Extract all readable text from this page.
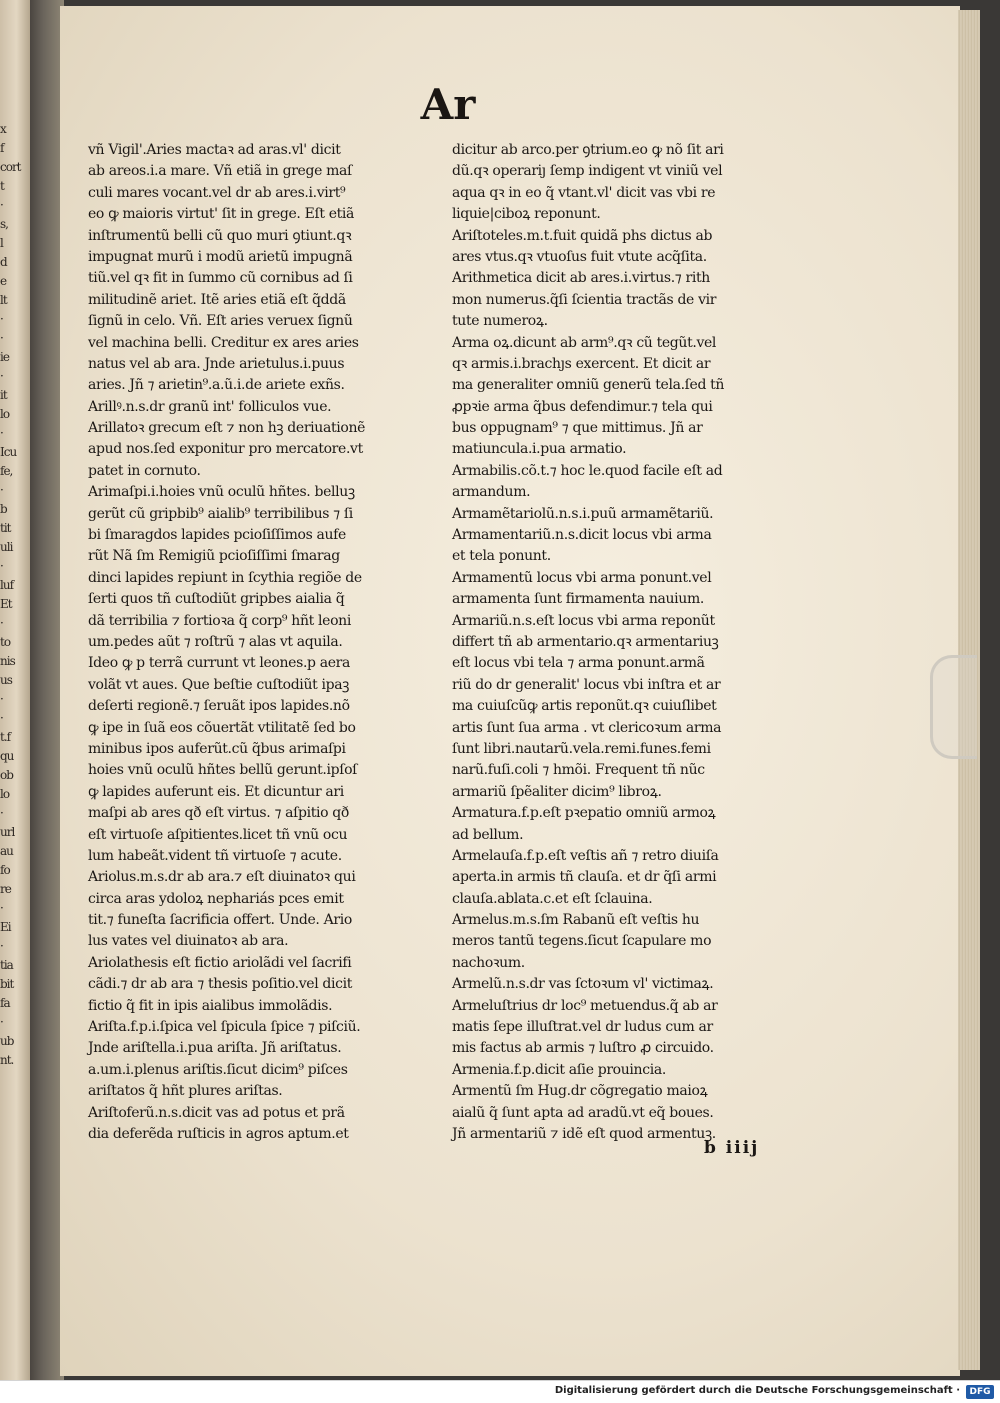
x
f
cort
t
·
s,
l
d
e
lt
·
·
ie
·
it
lo
·
Icu
fe,
·
b
tit
uli
·
luf
Et
·
to
nis
us
·
·
t.f
qu
ob
lo
·
url
au
fo
re
·
Ei
·
tia
bit
fa
·
ub
nt.
Ar
vñ Vigil'.Aries mactaꝛ ad aras.vl' dicit
ab areos.i.a mare. Vñ etiã in grege maſ
culi mares vocant.vel dr ab ares.i.virt⁹
eo ꝙ maioris virtut' ſit in grege. Eſt etiã
inſtrumentũ belli cũ quo muri ꝯtiunt.qꝛ
impugnat murũ i modũ arietũ impugnã
tiũ.vel qꝛ fit in ſummo cũ cornibus ad ſi
militudinẽ ariet. Itẽ aries etiã eſt q̃ddã
ſignũ in celo. Vñ. Eſt aries veruex ſignũ
vel machina belli. Creditur ex ares aries
natus vel ab ara. Jnde arietulus.i.puus
aries. Jñ ⁊ arietin⁹.a.ũ.i.de ariete exñs.
Arillꝰ.n.s.dr granũ int' folliculos vue.
Arillatoꝛ grecum eſt ⁊ non hꝫ deriuationẽ
apud nos.ſed exponitur pro mercatore.vt
patet in cornuto.
Arimaſpi.i.hoies vnũ oculũ hñtes. belluꝫ
gerũt cũ gripbib⁹ aialib⁹ terribilibus ⁊ ſi
bi ſmaragdos lapides pcioſiſſimos aufe
rũt Nã ſm Remigiũ pcioſiſſimi ſmarag
dinci lapides repiunt in ſcythia regiõe de
ſerti quos tñ cuſtodiũt gripbes aialia q̃
dã terribilia ⁊ fortioꝛa q̃ corp⁹ hñt leoni
um.pedes aũt ⁊ roſtrũ ⁊ alas vt aquila.
Ideo ꝙ p terrã currunt vt leones.p aera
volãt vt aues. Que beſtie cuſtodiũt ipaꝫ
deſerti regionẽ.⁊ ſeruãt ipos lapides.nõ
ꝙ ipe in ſuã eos cõuertãt vtilitatẽ ſed bo
minibus ipos auferũt.cũ q̃bus arimaſpi
hoies vnũ oculũ hñtes bellũ gerunt.ipſoſ
ꝙ lapides auferunt eis. Et dicuntur ari
maſpi ab ares qð eſt virtus. ⁊ aſpitio qð
eſt virtuoſe aſpitientes.licet tñ vnũ ocu
lum habeãt.vident tñ virtuoſe ⁊ acute.
Ariolus.m.s.dr ab ara.⁊ eſt diuinatoꝛ qui
circa aras ydoloꝝ nephariás pces emit
tit.⁊ funeſta ſacrificia offert. Unde. Ario
lus vates vel diuinatoꝛ ab ara.
Ariolathesis eſt fictio ariolãdi vel ſacrifi
cãdi.⁊ dr ab ara ⁊ thesis poſitio.vel dicit
fictio q̃ fit in ipis aialibus immolãdis.
Ariſta.f.p.i.ſpica vel ſpicula ſpice ⁊ piſciũ.
Jnde ariſtella.i.pua ariſta. Jñ ariſtatus.
a.um.i.plenus ariſtis.ſicut dicim⁹ piſces
ariſtatos q̃ hñt plures ariſtas.
Ariſtoferũ.n.s.dicit vas ad potus et prã
dia deferẽda ruſticis in agros aptum.et
dicitur ab arco.per ꝯtrium.eo ꝙ nõ ſit ari
dũ.qꝛ operariȷ ſemp indigent vt viniũ vel
aqua qꝛ in eo q̃ vtant.vl' dicit vas vbi re
liquie|ciboꝝ reponunt.
Ariſtoteles.m.t.fuit quidã phs dictus ab
ares vtus.qꝛ vtuoſus fuit vtute acq̃ſita.
Arithmetica dicit ab ares.i.virtus.⁊ rith
mon numerus.q̃ſi ſcientia tractãs de vir
tute numeroꝝ.
Arma oꝝ.dicunt ab arm⁹.qꝛ cũ tegũt.vel
qꝛ armis.i.brachȷs exercent. Et dicit ar
ma generaliter omniũ generũ tela.ſed tñ
ꝓpꝛie arma q̃bus defendimur.⁊ tela qui
bus oppugnam⁹ ⁊ que mittimus. Jñ ar
matiuncula.i.pua armatio.
Armabilis.cõ.t.⁊ hoc le.quod facile eſt ad
armandum.
Armamẽtariolũ.n.s.i.puũ armamẽtariũ.
Armamentariũ.n.s.dicit locus vbi arma
et tela ponunt.
Armamentũ locus vbi arma ponunt.vel
armamenta ſunt firmamenta nauium.
Armariũ.n.s.eſt locus vbi arma reponũt
differt tñ ab armentario.qꝛ armentariuꝫ
eſt locus vbi tela ⁊ arma ponunt.armã
riũ do dr generalit' locus vbi inſtra et ar
ma cuiuſcũꝙ artis reponũt.qꝛ cuiuſlibet
artis ſunt ſua arma . vt clericoꝛum arma
ſunt libri.nautarũ.vela.remi.funes.femi
narũ.fuſi.coli ⁊ hmõi. Frequent tñ nũc
armariũ ſpẽaliter dicim⁹ libroꝝ.
Armatura.f.p.eſt pꝛepatio omniũ armoꝝ
ad bellum.
Armelauſa.f.p.eſt veſtis añ ⁊ retro diuiſa
aperta.in armis tñ clauſa. et dr q̃ſi armi
clauſa.ablata.c.et eſt ſclauina.
Armelus.m.s.ſm Rabanũ eſt veſtis hu
meros tantũ tegens.ſicut ſcapulare mo
nachoꝛum.
Armelũ.n.s.dr vas ſctoꝛum vl' victimaꝝ.
Armeluſtrius dr loc⁹ metuendus.q̃ ab ar
matis ſepe illuſtrat.vel dr ludus cum ar
mis factus ab armis ⁊ luſtro ꝓ circuido.
Armenia.f.p.dicit aſie prouincia.
Armentũ ſm Hug.dr cõgregatio maioꝝ
aialũ q̃ ſunt apta ad aradũ.vt eq̃ boues.
Jñ armentariũ ⁊ idẽ eſt quod armentuꝫ.
b iiij
Digitalisierung gefördert durch die Deutsche Forschungsgemeinschaft ·	DFG
